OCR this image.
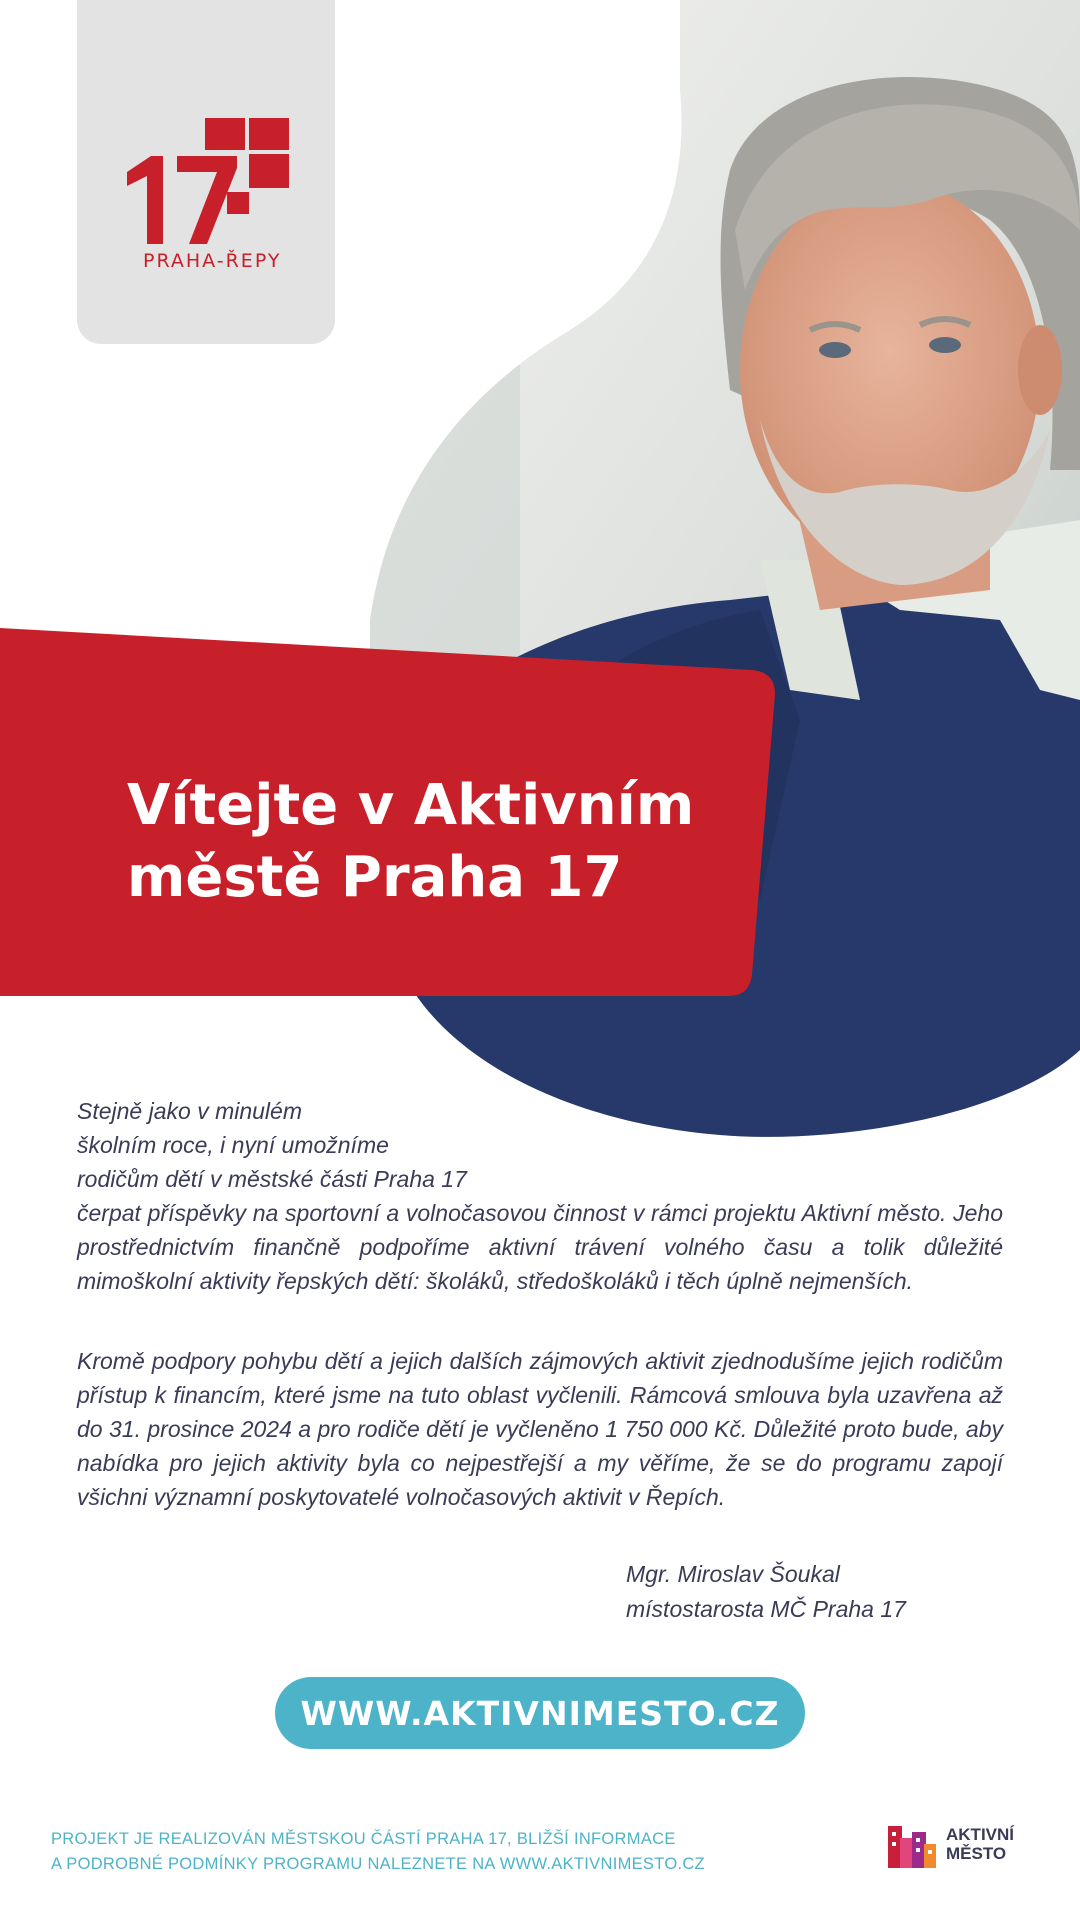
PRAHA-ŘEPY
Vítejte v Aktivním
městě Praha 17
Stejně jako v minulém
školním roce, i nyní umožníme
rodičům dětí v městské části Praha 17
čerpat příspěvky na sportovní a volnočasovou činnost v rámci projektu Aktivní město. Jeho prostřednictvím finančně podpoříme aktivní trávení volného času a tolik důležité mimoškolní aktivity řepských dětí: školáků, středoškoláků i těch úplně nejmenších.
Kromě podpory pohybu dětí a jejich dalších zájmových aktivit zjednodušíme jejich rodičům přístup k financím, které jsme na tuto oblast vyčlenili. Rámcová smlouva byla uzavřena až do 31. prosince 2024 a pro rodiče dětí je vyčleněno 1 750 000 Kč. Důležité proto bude, aby nabídka pro jejich aktivity byla co nejpestřejší a my věříme, že se do programu zapojí všichni významní poskytovatelé volnočasových aktivit v Řepích.
Mgr. Miroslav Šoukal
místostarosta MČ Praha 17
WWW.AKTIVNIMESTO.CZ
PROJEKT JE REALIZOVÁN MĚSTSKOU ČÁSTÍ PRAHA 17, BLIŽŠÍ INFORMACE
A PODROBNÉ PODMÍNKY PROGRAMU NALEZNETE NA WWW.AKTIVNIMESTO.CZ
AKTIVNÍ
MĚSTO
